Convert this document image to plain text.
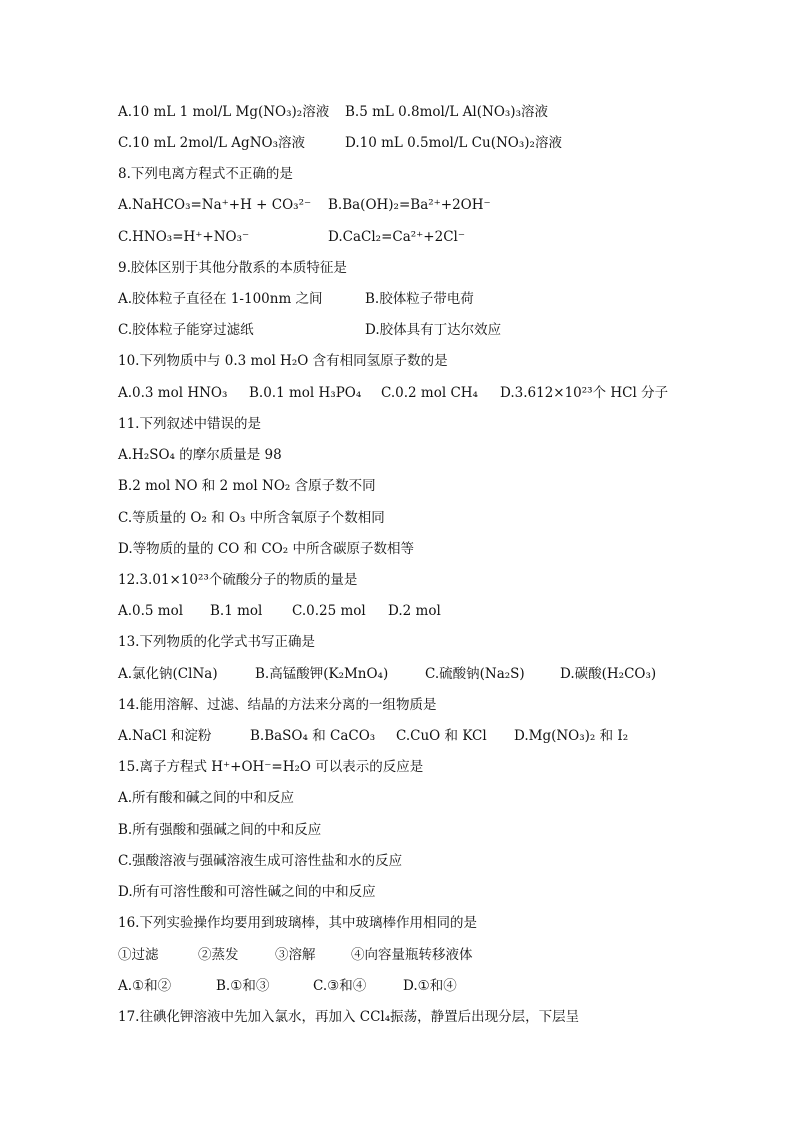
A.10 mL 1 mol/L Mg(NO₃)₂溶液 B.5 mL 0.8mol/L Al(NO₃)₃溶液
C.10 mL 2mol/L AgNO₃溶液	D.10 mL 0.5mol/L Cu(NO₃)₂溶液
8.下列电离方程式不正确的是
A.NaHCO₃=Na⁺+H + CO₃²⁻ B.Ba(OH)₂=Ba²⁺+2OH⁻
C.HNO₃=H⁺+NO₃⁻	D.CaCl₂=Ca²⁺+2Cl⁻
9.胶体区别于其他分散系的本质特征是
A.胶体粒子直径在 1-100nm 之间	B.胶体粒子带电荷
C.胶体粒子能穿过滤纸	D.胶体具有丁达尔效应
10.下列物质中与 0.3 mol H₂O 含有相同氢原子数的是
A.0.3 mol HNO₃ B.0.1 mol H₃PO₄ C.0.2 mol CH₄ D.3.612×10²³个 HCl 分子
11.下列叙述中错误的是
A.H₂SO₄ 的摩尔质量是 98
B.2 mol NO 和 2 mol NO₂ 含原子数不同
C.等质量的 O₂ 和 O₃ 中所含氧原子个数相同
D.等物质的量的 CO 和 CO₂ 中所含碳原子数相等
12.3.01×10²³个硫酸分子的物质的量是
A.0.5 mol B.1 mol C.0.25 mol D.2 mol
13.下列物质的化学式书写正确是
A.氯化钠(ClNa)	B.高锰酸钾(K₂MnO₄)	C.硫酸钠(Na₂S)	D.碳酸(H₂CO₃)
14.能用溶解、过滤、结晶的方法来分离的一组物质是
A.NaCl 和淀粉	B.BaSO₄ 和 CaCO₃ C.CuO 和 KCl D.Mg(NO₃)₂ 和 I₂
15.离子方程式 H⁺+OH⁻=H₂O 可以表示的反应是
A.所有酸和碱之间的中和反应
B.所有强酸和强碱之间的中和反应
C.强酸溶液与强碱溶液生成可溶性盐和水的反应
D.所有可溶性酸和可溶性碱之间的中和反应
16.下列实验操作均要用到玻璃棒，其中玻璃棒作用相同的是
①过滤	②蒸发	③溶解	④向容量瓶转移液体
A.①和②	B.①和③	C.③和④	D.①和④
17.往碘化钾溶液中先加入氯水，再加入 CCl₄振荡，静置后出现分层，下层呈
